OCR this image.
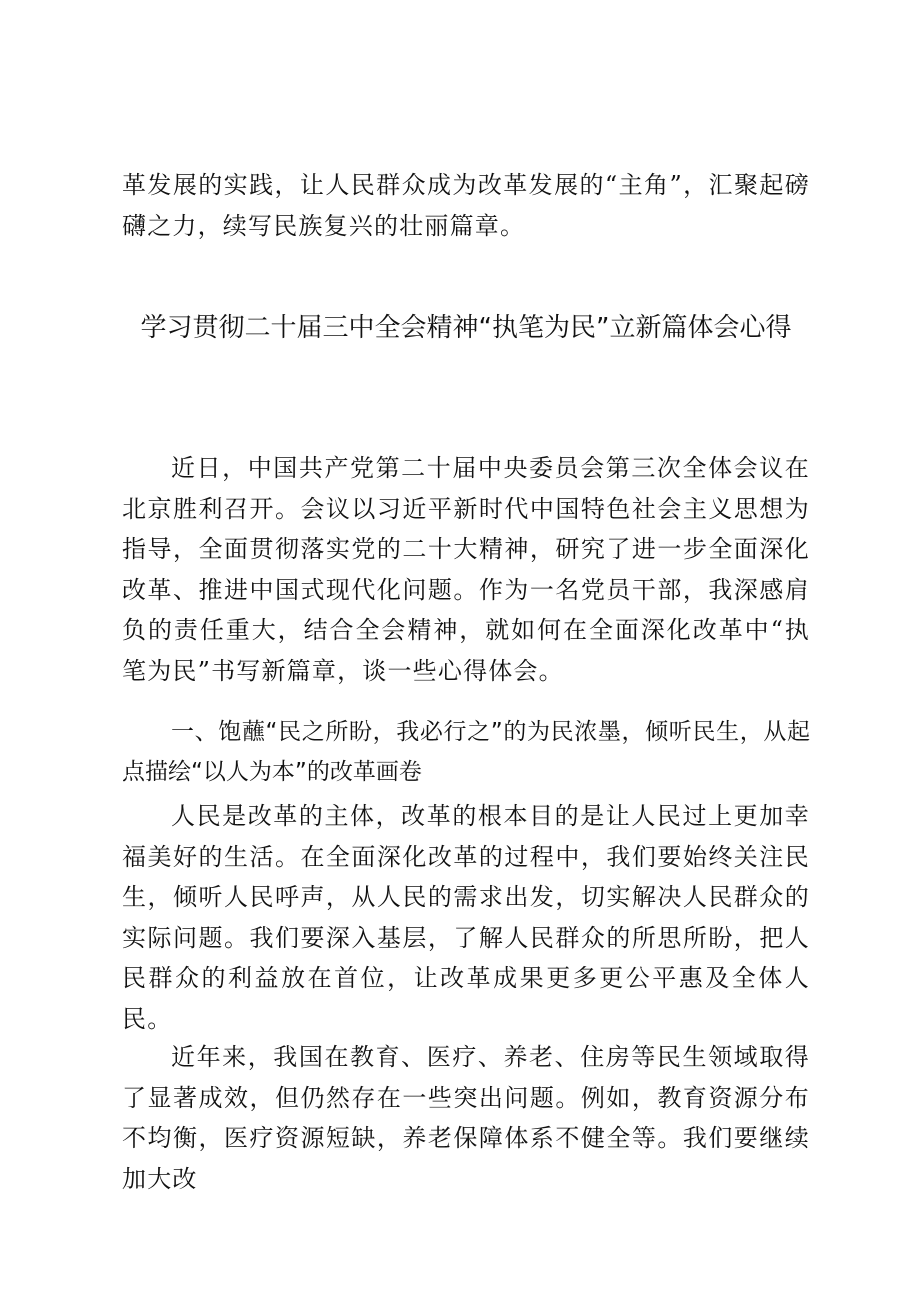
革发展的实践，让人民群众成为改革发展的“主角”，汇聚起磅礴之力，续写民族复兴的壮丽篇章。

学习贯彻二十届三中全会精神“执笔为民”立新篇体会心得

近日，中国共产党第二十届中央委员会第三次全体会议在北京胜利召开。会议以习近平新时代中国特色社会主义思想为指导，全面贯彻落实党的二十大精神，研究了进一步全面深化改革、推进中国式现代化问题。作为一名党员干部，我深感肩负的责任重大，结合全会精神，就如何在全面深化改革中“执笔为民”书写新篇章，谈一些心得体会。

一、饱蘸“民之所盼，我必行之”的为民浓墨，倾听民生，从起点描绘“以人为本”的改革画卷

人民是改革的主体，改革的根本目的是让人民过上更加幸福美好的生活。在全面深化改革的过程中，我们要始终关注民生，倾听人民呼声，从人民的需求出发，切实解决人民群众的实际问题。我们要深入基层，了解人民群众的所思所盼，把人民群众的利益放在首位，让改革成果更多更公平惠及全体人民。

近年来，我国在教育、医疗、养老、住房等民生领域取得了显著成效，但仍然存在一些突出问题。例如，教育资源分布不均衡，医疗资源短缺，养老保障体系不健全等。我们要继续加大改
